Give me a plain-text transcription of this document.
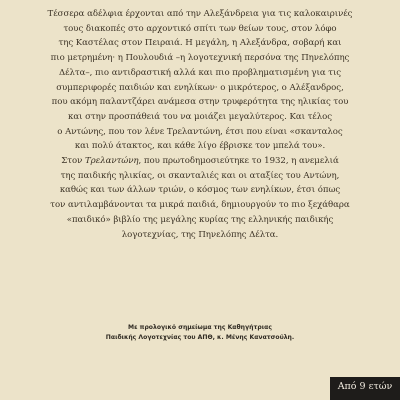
Τέσσερα αδέλφια έρχονται από την Αλεξάνδρεια για τις καλοκαιρινές
τους διακοπές στο αρχοντικό σπίτι των θείων τους, στον λόφο
της Καστέλας στον Πειραιά. Η μεγάλη, η Αλεξάνδρα, σοβαρή και
πιο μετρημένη· η Πουλουδιά –η λογοτεχνική περσόνα της Πηνελόπης
Δέλτα–, πιο αντιδραστική αλλά και πιο προβληματισμένη για τις
συμπεριφορές παιδιών και ενηλίκων· ο μικρότερος, ο Αλέξανδρος,
που ακόμη παλαντζάρει ανάμεσα στην τρυφερότητα της ηλικίας του
και στην προσπάθειά του να μοιάζει μεγαλύτερος. Και τέλος
ο Αντώνης, που τον λένε Τρελαντώνη, έτσι που είναι «σκανταλος
και πολύ άτακτος, και κάθε λίγο έβρισκε τον μπελά του».
Στον Τρελαντώνη, που πρωτοδημοσιεύτηκε το 1932, η ανεμελιά
της παιδικής ηλικίας, οι σκανταλιές και οι αταξίες του Αντώνη,
καθώς και των άλλων τριών, ο κόσμος των ενηλίκων, έτσι όπως
τον αντιλαμβάνονται τα μικρά παιδιά, δημιουργούν το πιο ξεχάθαρα
«παιδικό» βιβλίο της μεγάλης κυρίας της ελληνικής παιδικής
λογοτεχνίας, της Πηνελόπης Δέλτα.
Με προλογικό σημείωμα της Καθηγήτριας
Παιδικής Λογοτεχνίας του ΑΠΘ, κ. Μένης Κανατσούλη.
Από 9 ετών
